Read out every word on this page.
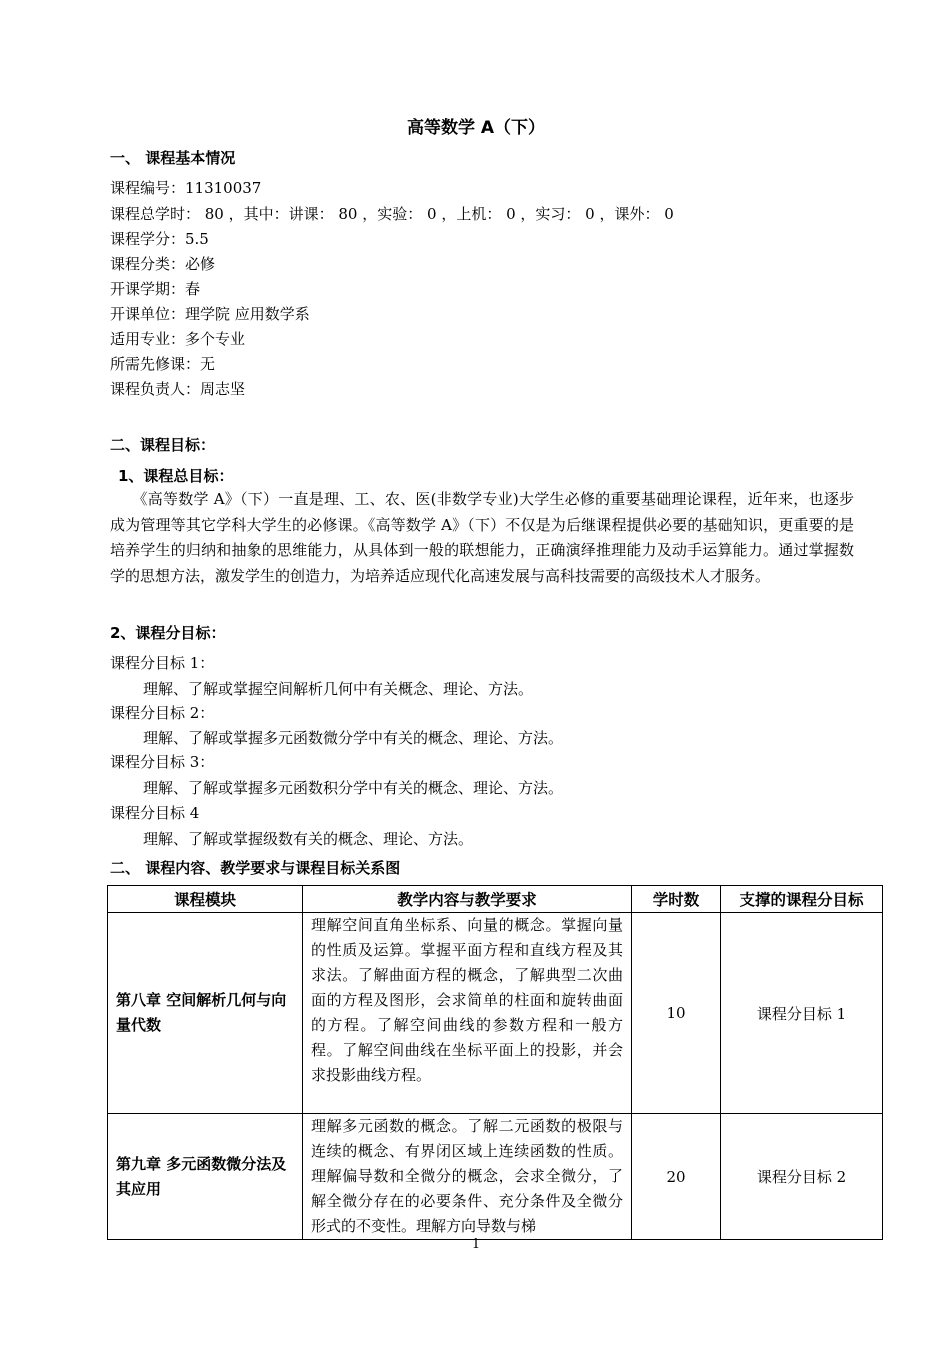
高等数学 A（下）
一、 课程基本情况
课程编号：11310037
课程总学时： 80 ，其中：讲课： 80 ，实验： 0 ，上机： 0 ，实习： 0 ，课外： 0
课程学分：5.5
课程分类：必修
开课学期：春
开课单位：理学院 应用数学系
适用专业：多个专业
所需先修课：无
课程负责人：周志坚
二、课程目标：
1、课程总目标：

《高等数学 A》（下）一直是理、工、农、医(非数学专业)大学生必修的重要基础理论课程，近年来，也逐步成为管理等其它学科大学生的必修课。《高等数学 A》（下）不仅是为后继课程提供必要的基础知识，更重要的是培养学生的归纳和抽象的思维能力，从具体到一般的联想能力，正确演绎推理能力及动手运算能力。通过掌握数学的思想方法，激发学生的创造力，为培养适应现代化高速发展与高科技需要的高级技术人才服务。

2、课程分目标：
课程分目标 1：
理解、了解或掌握空间解析几何中有关概念、理论、方法。
课程分目标 2：
理解、了解或掌握多元函数微分学中有关的概念、理论、方法。
课程分目标 3：
理解、了解或掌握多元函数积分学中有关的概念、理论、方法。
课程分目标 4
理解、了解或掌握级数有关的概念、理论、方法。
二、 课程内容、教学要求与课程目标关系图
课程模块	教学内容与教学要求	学时数	支撑的课程分目标
第八章 空间解析几何与向量代数	理解空间直角坐标系、向量的概念。掌握向量的性质及运算。掌握平面方程和直线方程及其求法。了解曲面方程的概念，了解典型二次曲面的方程及图形，会求简单的柱面和旋转曲面的方程。了解空间曲线的参数方程和一般方程。了解空间曲线在坐标平面上的投影，并会求投影曲线方程。	10	课程分目标 1
第九章 多元函数微分法及其应用	理解多元函数的概念。了解二元函数的极限与连续的概念、有界闭区域上连续函数的性质。理解偏导数和全微分的概念，会求全微分，了解全微分存在的必要条件、充分条件及全微分形式的不变性。理解方向导数与梯	20	课程分目标 2
1
